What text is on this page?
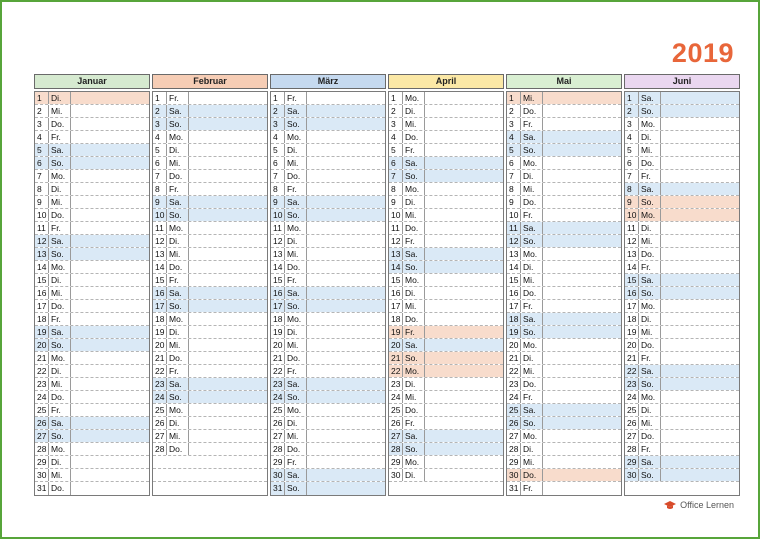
2019
Januar
1	Di.
2	Mi.
3	Do.
4	Fr.
5	Sa.
6	So.
7	Mo.
8	Di.
9	Mi.
10 Do.
11 Fr.
12 Sa.
13 So.
14 Mo.
15 Di.
16 Mi.
17 Do.
18 Fr.
19 Sa.
20 So.
21 Mo.
22 Di.
23 Mi.
24 Do.
25 Fr.
26 Sa.
27 So.
28 Mo.
29 Di.
30 Mi.
31 Do.
Februar
1	Fr.
2	Sa.
3	So.
4	Mo.
5	Di.
6	Mi.
7	Do.
8	Fr.
9	Sa.
10 So.
11 Mo.
12 Di.
13 Mi.
14 Do.
15 Fr.
16 Sa.
17 So.
18 Mo.
19 Di.
20 Mi.
21 Do.
22 Fr.
23 Sa.
24 So.
25 Mo.
26 Di.
27 Mi.
28 Do.
März
1	Fr.
2	Sa.
3	So.
4	Mo.
5	Di.
6	Mi.
7	Do.
8	Fr.
9	Sa.
10 So.
11 Mo.
12 Di.
13 Mi.
14 Do.
15 Fr.
16 Sa.
17 So.
18 Mo.
19 Di.
20 Mi.
21 Do.
22 Fr.
23 Sa.
24 So.
25 Mo.
26 Di.
27 Mi.
28 Do.
29 Fr.
30 Sa.
31 So.
April
1	Mo.
2	Di.
3	Mi.
4	Do.
5	Fr.
6	Sa.
7	So.
8	Mo.
9	Di.
10 Mi.
11 Do.
12 Fr.
13 Sa.
14 So.
15 Mo.
16 Di.
17 Mi.
18 Do.
19 Fr.
20 Sa.
21 So.
22 Mo.
23 Di.
24 Mi.
25 Do.
26 Fr.
27 Sa.
28 So.
29 Mo.
30 Di.
Mai
1	Mi.
2	Do.
3	Fr.
4	Sa.
5	So.
6	Mo.
7	Di.
8	Mi.
9	Do.
10 Fr.
11 Sa.
12 So.
13 Mo.
14 Di.
15 Mi.
16 Do.
17 Fr.
18 Sa.
19 So.
20 Mo.
21 Di.
22 Mi.
23 Do.
24 Fr.
25 Sa.
26 So.
27 Mo.
28 Di.
29 Mi.
30 Do.
31 Fr.
Juni
1	Sa.
2	So.
3	Mo.
4	Di.
5	Mi.
6	Do.
7	Fr.
8	Sa.
9	So.
10 Mo.
11 Di.
12 Mi.
13 Do.
14 Fr.
15 Sa.
16 So.
17 Mo.
18 Di.
19 Mi.
20 Do.
21 Fr.
22 Sa.
23 So.
24 Mo.
25 Di.
26 Mi.
27 Do.
28 Fr.
29 Sa.
30 So.
Office Lernen
